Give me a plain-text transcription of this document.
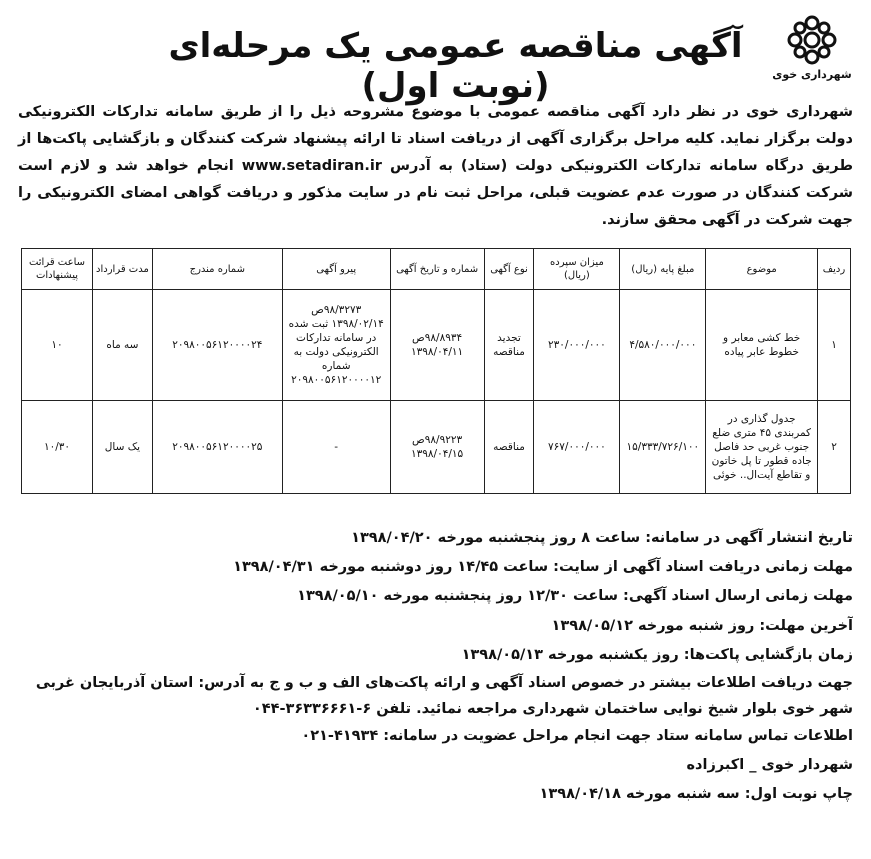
شهرداری خوی
آگهی مناقصه عمومی یک مرحله‌ای (نوبت اول)
شهرداری خوی در نظر دارد آگهی مناقصه عمومی با موضوع مشروحه ذیل را از طریق سامانه تدارکات الکترونیکی دولت برگزار نماید. کلیه مراحل برگزاری آگهی از دریافت اسناد تا ارائه پیشنهاد شرکت کنندگان و بازگشایی پاکت‌ها از طریق درگاه سامانه تدارکات الکترونیکی دولت (ستاد) به آدرس www.setadiran.ir انجام خواهد شد و لازم است شرکت کنندگان در صورت عدم عضویت قبلی، مراحل ثبت نام در سایت مذکور و دریافت گواهی امضای الکترونیکی را جهت شرکت در آگهی محقق سازند.
ردیف	موضوع	مبلغ پایه (ریال)	میزان سپرده (ریال)	نوع آگهی	شماره و تاریخ آگهی	پیرو آگهی	شماره مندرج	مدت قرارداد	ساعت قرائت پیشنهادات
۱	خط کشی معابر و خطوط عابر پیاده	۴/۵۸۰/۰۰۰/۰۰۰	۲۳۰/۰۰۰/۰۰۰	تجدید مناقصه	۹۸/۸۹۳۴ص ۱۳۹۸/۰۴/۱۱	۹۸/۳۲۷۳ص ۱۳۹۸/۰۲/۱۴ ثبت شده در سامانه تدارکات الکترونیکی دولت به شماره ۲۰۹۸۰۰۵۶۱۲۰۰۰۰۱۲	۲۰۹۸۰۰۵۶۱۲۰۰۰۰۲۴	سه ماه	۱۰
۲	جدول گذاری در کمربندی ۴۵ متری ضلع جنوب غربی حد فاصل جاده قطور تا پل خاتون و تقاطع آیت‌ال.. خوئی	۱۵/۳۳۳/۷۲۶/۱۰۰	۷۶۷/۰۰۰/۰۰۰	مناقصه	۹۸/۹۲۲۳ص ۱۳۹۸/۰۴/۱۵	-	۲۰۹۸۰۰۵۶۱۲۰۰۰۰۲۵	یک سال	۱۰/۳۰
تاریخ انتشار آگهی در سامانه: ساعت ۸ روز پنجشنبه مورخه ۱۳۹۸/۰۴/۲۰
مهلت زمانی دریافت اسناد آگهی از سایت: ساعت ۱۴/۴۵ روز دوشنبه مورخه ۱۳۹۸/۰۴/۳۱
مهلت زمانی ارسال اسناد آگهی: ساعت ۱۲/۳۰ روز پنجشنبه مورخه ۱۳۹۸/۰۵/۱۰
آخرین مهلت: روز شنبه مورخه ۱۳۹۸/۰۵/۱۲
زمان بازگشایی پاکت‌ها: روز یکشنبه مورخه ۱۳۹۸/۰۵/۱۳
جهت دریافت اطلاعات بیشتر در خصوص اسناد آگهی و ارائه پاکت‌های الف و ب و ج به آدرس: استان آذربایجان غربی شهر خوی بلوار شیخ نوایی ساختمان شهرداری مراجعه نمائید. تلفن ۶-۳۶۳۳۶۶۶۱-۰۴۴
اطلاعات تماس سامانه ستاد جهت انجام مراحل عضویت در سامانه: ۴۱۹۳۴-۰۲۱
شهردار خوی _ اکبرزاده
چاپ نوبت اول: سه شنبه مورخه ۱۳۹۸/۰۴/۱۸
